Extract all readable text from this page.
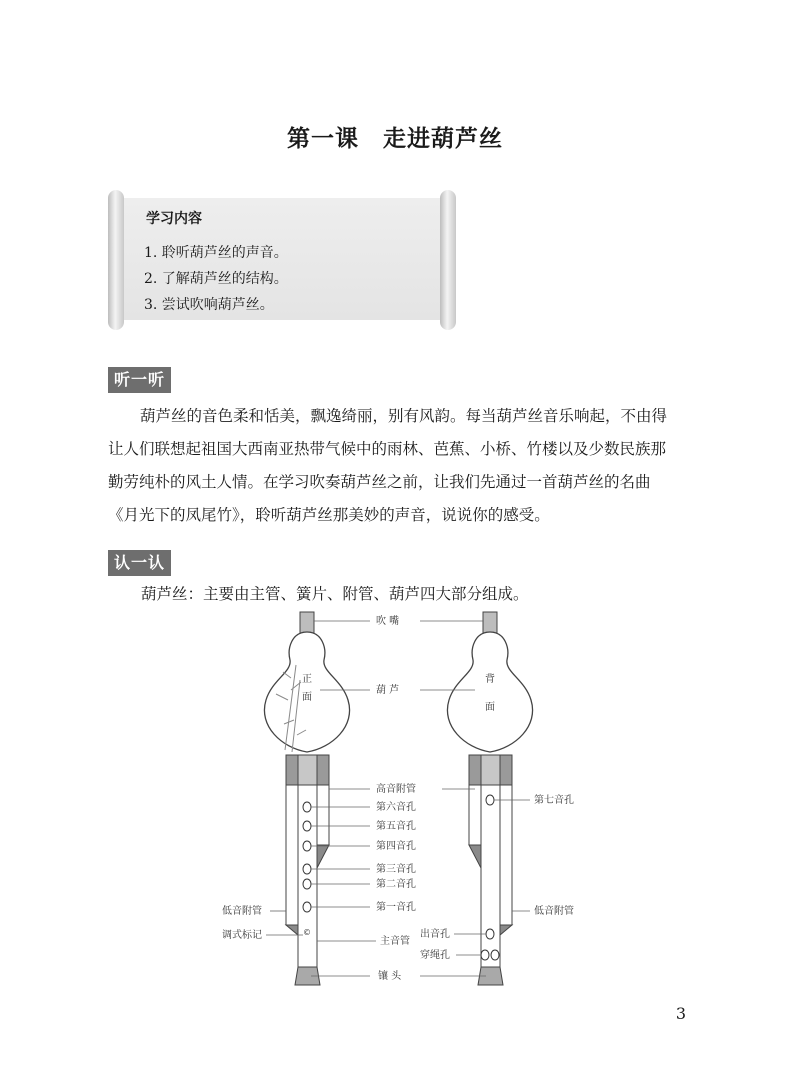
第一课　走进葫芦丝
学习内容
1. 聆听葫芦丝的声音。
2. 了解葫芦丝的结构。
3. 尝试吹响葫芦丝。
听一听
葫芦丝的音色柔和恬美，飘逸绮丽，别有风韵。每当葫芦丝音乐响起，不由得
让人们联想起祖国大西南亚热带气候中的雨林、芭蕉、小桥、竹楼以及少数民族那
勤劳纯朴的风土人情。在学习吹奏葫芦丝之前，让我们先通过一首葫芦丝的名曲
《月光下的凤尾竹》，聆听葫芦丝那美妙的声音，说说你的感受。
认一认
葫芦丝：主要由主管、簧片、附管、葫芦四大部分组成。
正
面
©
背
面
吹 嘴
葫 芦
高音附管
第六音孔
第五音孔
第四音孔
第三音孔
第二音孔
第一音孔
主音管
镶 头
低音附管
调式标记
第七音孔
低音附管
出音孔
穿绳孔
3
